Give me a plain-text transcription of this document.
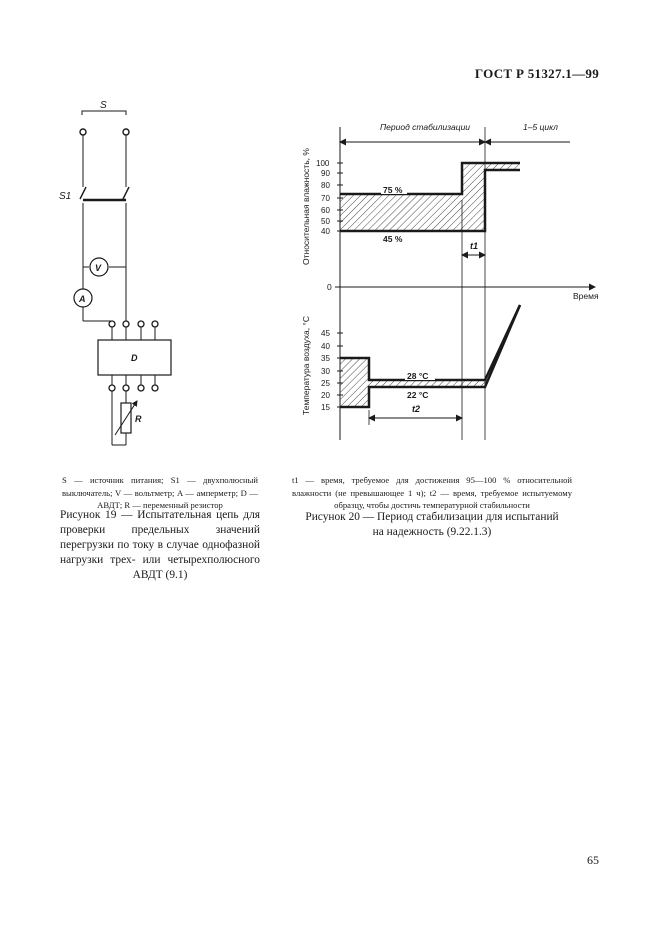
ГОСТ Р 51327.1—99
S
S1
V
A
D
R

S — источник питания; S1 — двухполюсный выключатель; V — вольтметр; A — амперметр; D — АВДТ; R — переменный резистор

Рисунок 19 — Испытательная цепь для проверки предельных значений перегрузки по току в случае однофазной нагрузки трех- или четырехполюсного АВДТ (9.1)

Период стабилизации	1–5 цикл
Относительная влажность, % 100
90
80
70
60
50
40
75 %
45 %
t1
0
Время
Температура воздуха, °C 45
40
35
30
25
20
15
28 °C
22 °C
t2

t1 — время, требуемое для достижения 95—100 % относительной влажности (не превышающее 1 ч); t2 — время, требуемое испытуемому образцу, чтобы достичь температурной стабильности

Рисунок 20 — Период стабилизации для испытаний

на надежность (9.22.1.3)

65
